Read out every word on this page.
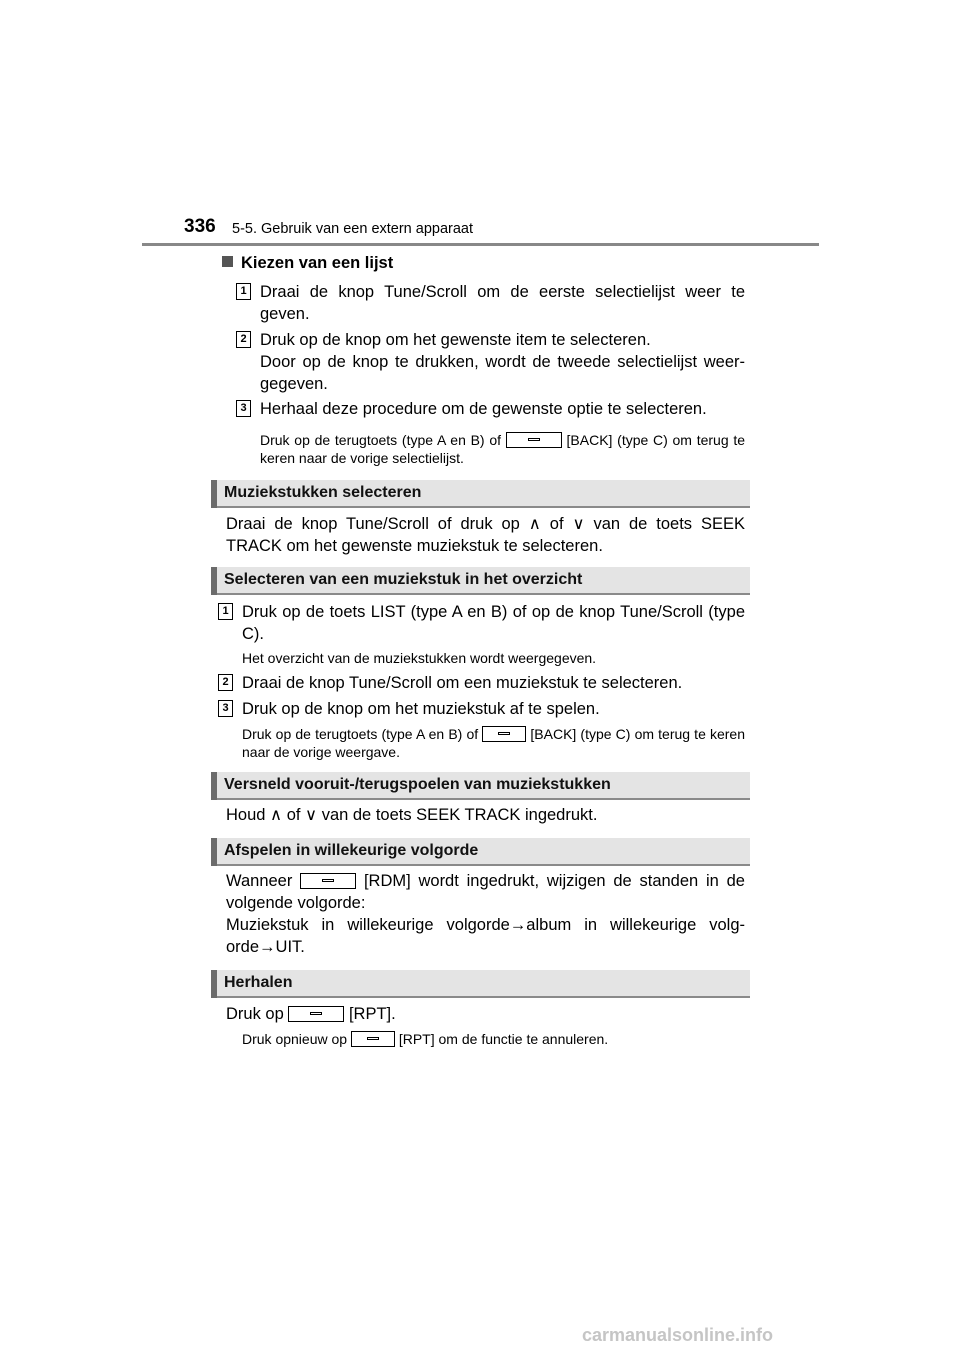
336 5-5. Gebruik van een extern apparaat
Kiezen van een lijst
1 Draai de knop Tune/Scroll om de eerste selectielijst weer te geven.
2 Druk op de knop om het gewenste item te selecteren.
Door op de knop te drukken, wordt de tweede selectielijst weer-gegeven.
3 Herhaal deze procedure om de gewenste optie te selecteren.
Druk op de terugtoets (type A en B) of	[BACK] (type C) om terug te keren naar de vorige selectielijst.
Muziekstukken selecteren
Draai de knop Tune/Scroll of druk op ∧ of ∨ van de toets SEEK TRACK om het gewenste muziekstuk te selecteren.
Selecteren van een muziekstuk in het overzicht
1 Druk op de toets LIST (type A en B) of op de knop Tune/Scroll (type C).
Het overzicht van de muziekstukken wordt weergegeven.
2 Draai de knop Tune/Scroll om een muziekstuk te selecteren.
3 Druk op de knop om het muziekstuk af te spelen.
Druk op de terugtoets (type A en B) of	[BACK] (type C) om terug te keren naar de vorige weergave.
Versneld vooruit-/terugspoelen van muziekstukken
Houd ∧ of ∨ van de toets SEEK TRACK ingedrukt.
Afspelen in willekeurige volgorde
Wanneer	[RDM] wordt ingedrukt, wijzigen de standen in de volgende volgorde:
Muziekstuk in willekeurige volgorde→album in willekeurige volg-orde→UIT.
Herhalen
Druk op	[RPT].
Druk opnieuw op	[RPT] om de functie te annuleren.
carmanualsonline.info
